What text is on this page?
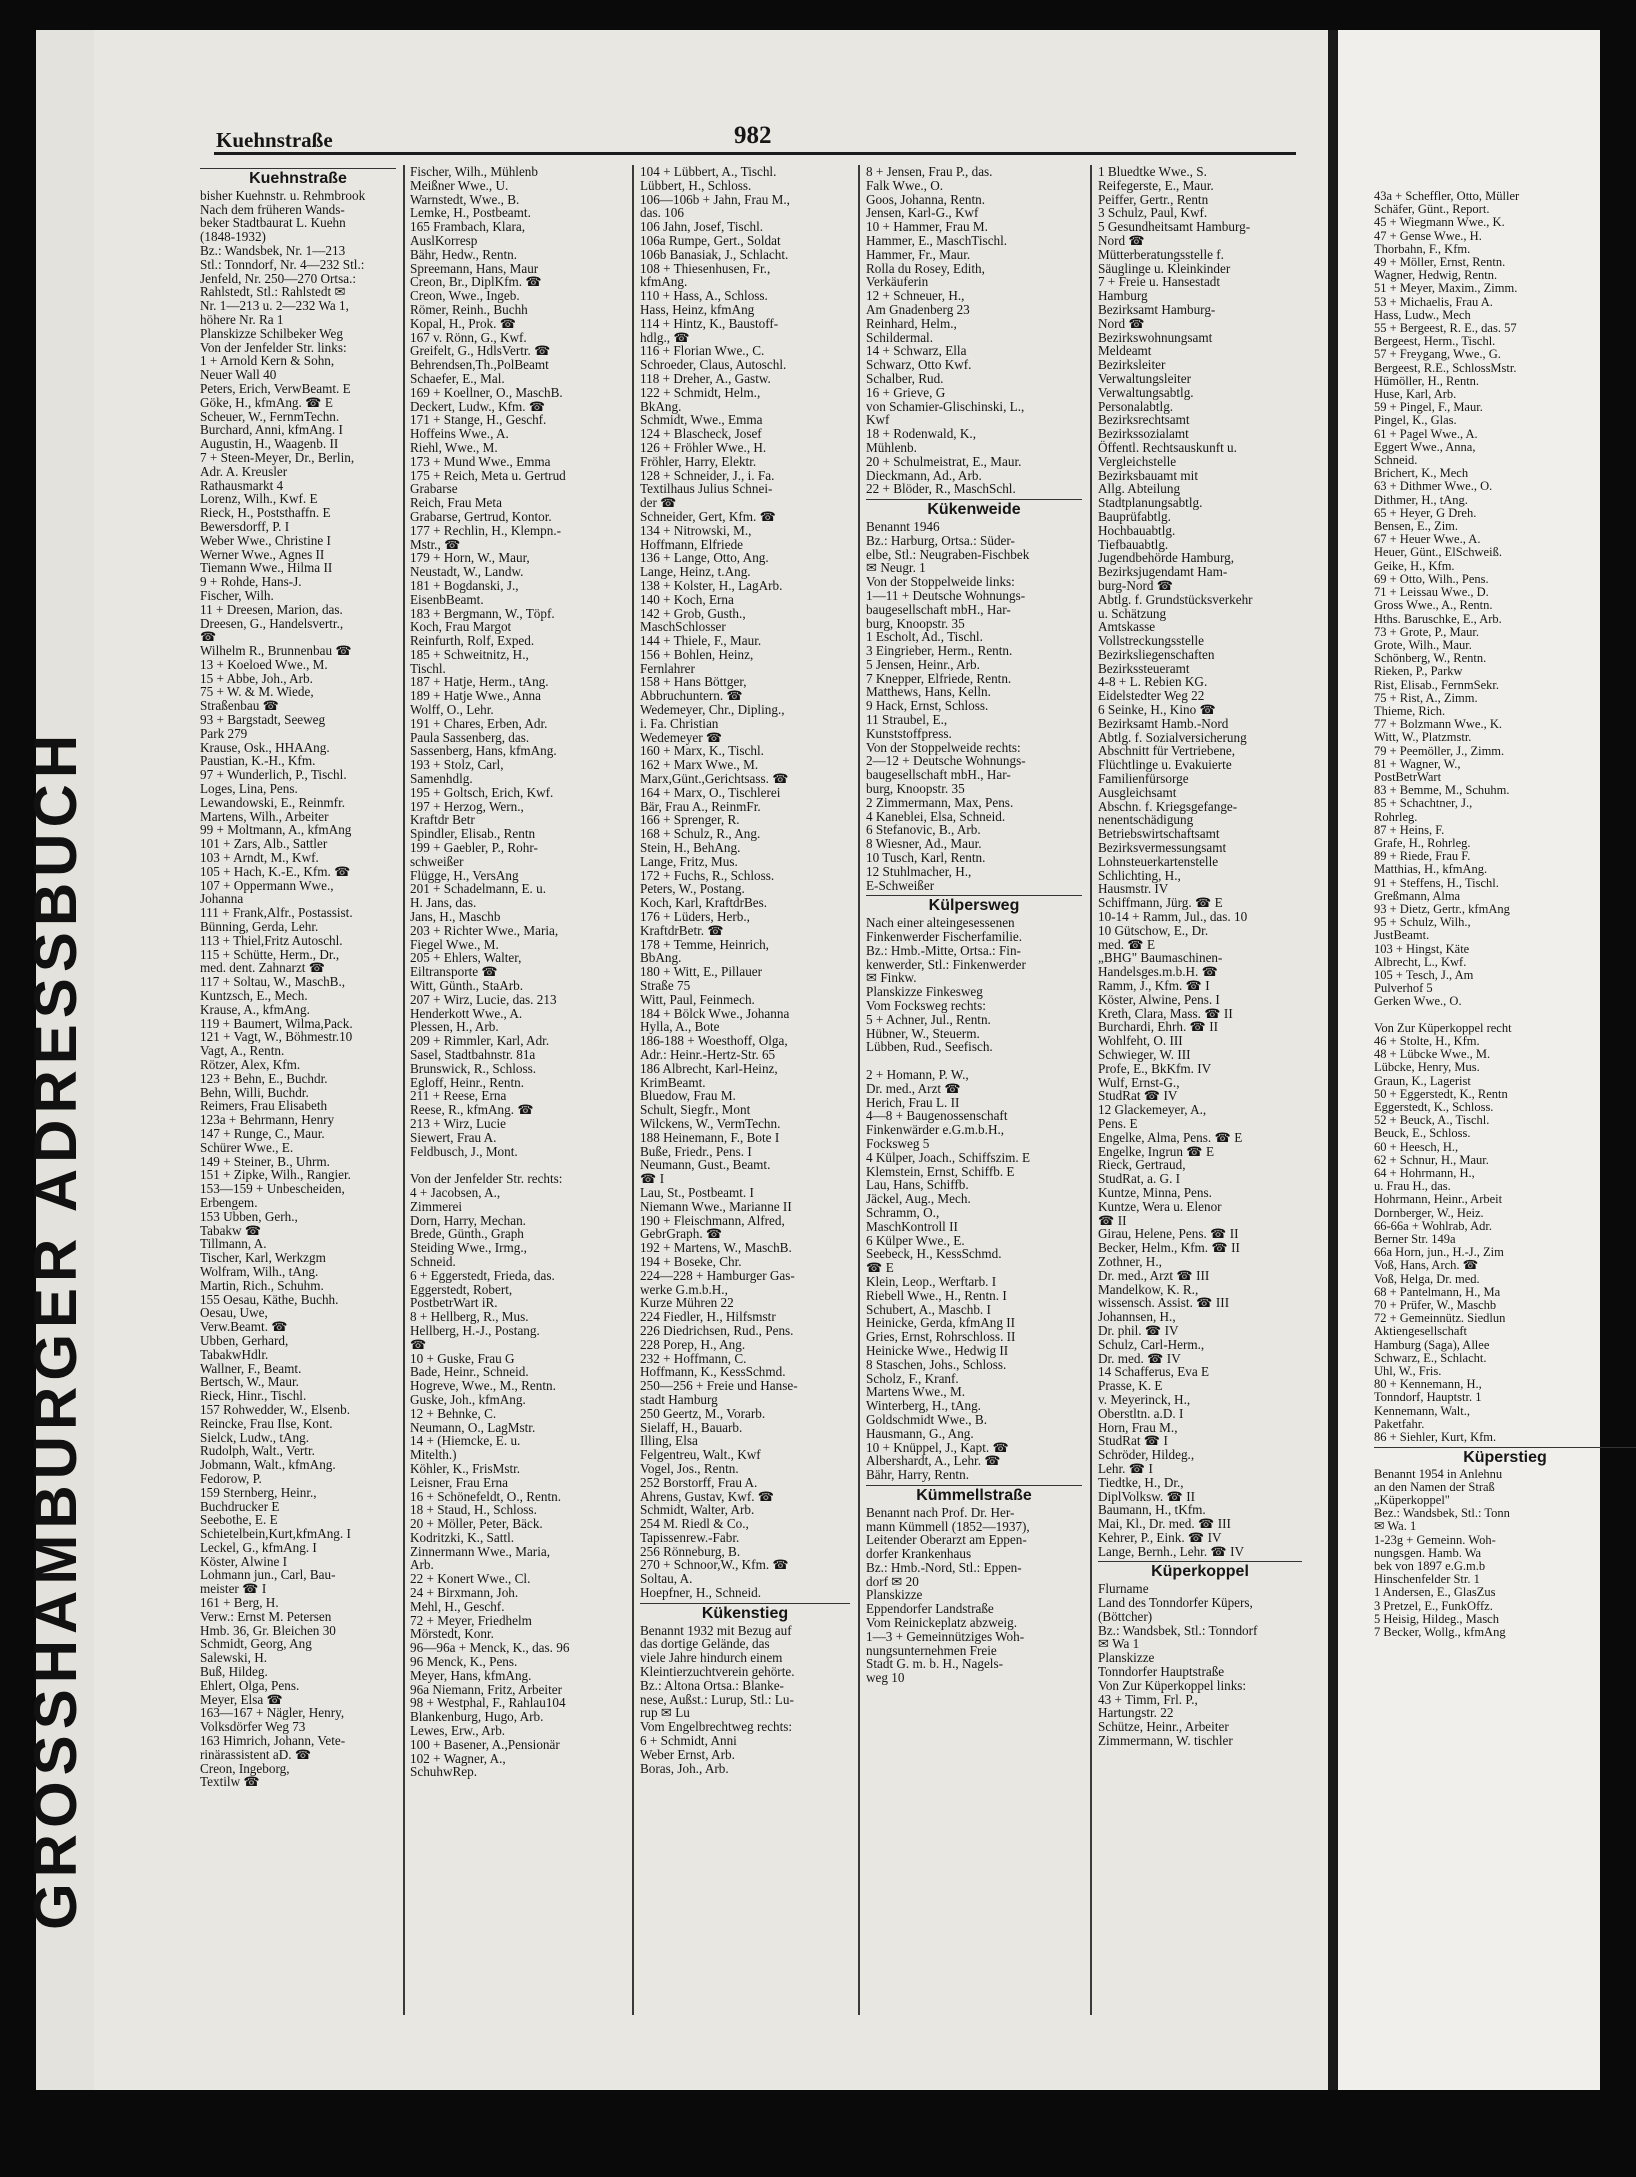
GROSSHAMBURGER ADRESSBUCH
43a + Scheffler, Otto, Müller
Schäfer, Günt., Report.
45 + Wiegmann Wwe., K.
47 + Gense Wwe., H.
Thorbahn, F., Kfm.
49 + Möller, Ernst, Rentn.
Wagner, Hedwig, Rentn.
51 + Meyer, Maxim., Zimm.
53 + Michaelis, Frau A.
Hass, Ludw., Mech
55 + Bergeest, R. E., das. 57
Bergeest, Herm., Tischl.
57 + Freygang, Wwe., G.
Bergeest, R.E., SchlossMstr.
Hümöller, H., Rentn.
Huse, Karl, Arb.
59 + Pingel, F., Maur.
Pingel, K., Glas.
61 + Pagel Wwe., A.
Eggert Wwe., Anna,
Schneid.
Brichert, K., Mech
63 + Dithmer Wwe., O.
Dithmer, H., tAng.
65 + Heyer, G Dreh.
Bensen, E., Zim.
67 + Heuer Wwe., A.
Heuer, Günt., ElSchweiß.
Geike, H., Kfm.
69 + Otto, Wilh., Pens.
71 + Leissau Wwe., D.
Gross Wwe., A., Rentn.
Hths. Baruschke, E., Arb.
73 + Grote, P., Maur.
Grote, Wilh., Maur.
Schönberg, W., Rentn.
Rieken, P., Parkw
Rist, Elisab., FernmSekr.
75 + Rist, A., Zimm.
Thieme, Rich.
77 + Bolzmann Wwe., K.
Witt, W., Platzmstr.
79 + Peemöller, J., Zimm.
81 + Wagner, W.,
PostBetrWart
83 + Bemme, M., Schuhm.
85 + Schachtner, J.,
Rohrleg.
87 + Heins, F.
Grafe, H., Rohrleg.
89 + Riede, Frau F.
Matthias, H., kfmAng.
91 + Steffens, H., Tischl.
Greßmann, Alma
93 + Dietz, Gertr., kfmAng
95 + Schulz, Wilh.,
JustBeamt.
103 + Hingst, Käte
Albrecht, L., Kwf.
105 + Tesch, J., Am
Pulverhof 5
Gerken Wwe., O.

Von Zur Küperkoppel recht
46 + Stolte, H., Kfm.
48 + Lübcke Wwe., M.
Lübcke, Henry, Mus.
Graun, K., Lagerist
50 + Eggerstedt, K., Rentn
Eggerstedt, K., Schloss.
52 + Beuck, A., Tischl.
Beuck, E., Schloss.
60 + Heesch, H.,
62 + Schnur, H., Maur.
64 + Hohrmann, H.,
u. Frau H., das.
Hohrmann, Heinr., Arbeit
Dornberger, W., Heiz.
66-66a + Wohlrab, Adr.
Berner Str. 149a
66a Horn, jun., H.-J., Zim
Voß, Hans, Arch. ☎
Voß, Helga, Dr. med.
68 + Pantelmann, H., Ma
70 + Prüfer, W., Maschb
72 + Gemeinnütz. Siedlun
Aktiengesellschaft
Hamburg (Saga), Allee
Schwarz, E., Schlacht.
Uhl, W., Fris.
80 + Kennemann, H.,
Tonndorf, Hauptstr. 1
Kennemann, Walt.,
Paketfahr.
86 + Siehler, Kurt, Kfm.
Küperstieg
Benannt 1954 in Anlehnu
an den Namen der Straß
„Küperkoppel"
Bez.: Wandsbek, Stl.: Tonn
✉ Wa. 1
1-23g + Gemeinn. Woh-
nungsgen. Hamb. Wa
bek von 1897 e.G.m.b
Hinschenfelder Str. 1
1 Andersen, E., GlasZus
3 Pretzel, E., FunkOffz.
5 Heisig, Hildeg., Masch
7 Becker, Wollg., kfmAng
Kuehnstraße	982
Kuehnstraße
bisher Kuehnstr. u. Rehmbrook
Nach dem früheren Wands-
beker Stadtbaurat L. Kuehn
(1848-1932)
Bz.: Wandsbek, Nr. 1—213
Stl.: Tonndorf, Nr. 4—232 Stl.:
Jenfeld, Nr. 250—270 Ortsa.:
Rahlstedt, Stl.: Rahlstedt ✉
Nr. 1—213 u. 2—232 Wa 1,
höhere Nr. Ra 1
Planskizze Schilbeker Weg
Von der Jenfelder Str. links:
1 + Arnold Kern & Sohn,
Neuer Wall 40
Peters, Erich, VerwBeamt. E
Göke, H., kfmAng. ☎ E
Scheuer, W., FernmTechn.
Burchard, Anni, kfmAng. I
Augustin, H., Waagenb. II
7 + Steen-Meyer, Dr., Berlin,
Adr. A. Kreusler
Rathausmarkt 4
Lorenz, Wilh., Kwf. E
Rieck, H., Poststhaffn. E
Bewersdorff, P. I
Weber Wwe., Christine I
Werner Wwe., Agnes II
Tiemann Wwe., Hilma II
9 + Rohde, Hans-J.
Fischer, Wilh.
11 + Dreesen, Marion, das.
Dreesen, G., Handelsvertr.,
☎
Wilhelm R., Brunnenbau ☎
13 + Koeloed Wwe., M.
15 + Abbe, Joh., Arb.
75 + W. & M. Wiede,
Straßenbau ☎
93 + Bargstadt, Seeweg
Park 279
Krause, Osk., HHAAng.
Paustian, K.-H., Kfm.
97 + Wunderlich, P., Tischl.
Loges, Lina, Pens.
Lewandowski, E., Reinmfr.
Martens, Wilh., Arbeiter
99 + Moltmann, A., kfmAng
101 + Zars, Alb., Sattler
103 + Arndt, M., Kwf.
105 + Hach, K.-E., Kfm. ☎
107 + Oppermann Wwe.,
Johanna
111 + Frank,Alfr., Postassist.
Bünning, Gerda, Lehr.
113 + Thiel,Fritz Autoschl.
115 + Schütte, Herm., Dr.,
med. dent. Zahnarzt ☎
117 + Soltau, W., MaschB.,
Kuntzsch, E., Mech.
Krause, A., kfmAng.
119 + Baumert, Wilma,Pack.
121 + Vagt, W., Böhmestr.10
Vagt, A., Rentn.
Rötzer, Alex, Kfm.
123 + Behn, E., Buchdr.
Behn, Willi, Buchdr.
Reimers, Frau Elisabeth
123a + Behrmann, Henry
147 + Runge, C., Maur.
Schürer Wwe., E.
149 + Steiner, B., Uhrm.
151 + Zipke, Wilh., Rangier.
153—159 + Unbescheiden,
Erbengem.
153 Ubben, Gerh.,
Tabakw ☎
Tillmann, A.
Tischer, Karl, Werkzgm
Wolfram, Wilh., tAng.
Martin, Rich., Schuhm.
155 Oesau, Käthe, Buchh.
Oesau, Uwe,
Verw.Beamt. ☎
Ubben, Gerhard,
TabakwHdlr.
Wallner, F., Beamt.
Bertsch, W., Maur.
Rieck, Hinr., Tischl.
157 Rohwedder, W., Elsenb.
Reincke, Frau Ilse, Kont.
Sielck, Ludw., tAng.
Rudolph, Walt., Vertr.
Jobmann, Walt., kfmAng.
Fedorow, P.
159 Sternberg, Heinr.,
Buchdrucker E
Seebothe, E. E
Schietelbein,Kurt,kfmAng. I
Leckel, G., kfmAng. I
Köster, Alwine I
Lohmann jun., Carl, Bau-
meister ☎ I
161 + Berg, H.
Verw.: Ernst M. Petersen
Hmb. 36, Gr. Bleichen 30
Schmidt, Georg, Ang
Salewski, H.
Buß, Hildeg.
Ehlert, Olga, Pens.
Meyer, Elsa ☎
163—167 + Nägler, Henry,
Volksdörfer Weg 73
163 Himrich, Johann, Vete-
rinärassistent aD. ☎
Creon, Ingeborg,
Textilw ☎
Fischer, Wilh., Mühlenb
Meißner Wwe., U.
Warnstedt, Wwe., B.
Lemke, H., Postbeamt.
165 Frambach, Klara,
AuslKorresp
Bähr, Hedw., Rentn.
Spreemann, Hans, Maur
Creon, Br., DiplKfm. ☎
Creon, Wwe., Ingeb.
Römer, Reinh., Buchh
Kopal, H., Prok. ☎
167 v. Rönn, G., Kwf.
Greifelt, G., HdlsVertr. ☎
Behrendsen,Th.,PolBeamt
Schaefer, E., Mal.
169 + Koellner, O., MaschB.
Deckert, Ludw., Kfm. ☎
171 + Stange, H., Geschf.
Hoffeins Wwe., A.
Riehl, Wwe., M.
173 + Mund Wwe., Emma
175 + Reich, Meta u. Gertrud
Grabarse
Reich, Frau Meta
Grabarse, Gertrud, Kontor.
177 + Rechlin, H., Klempn.-
Mstr., ☎
179 + Horn, W., Maur,
Neustadt, W., Landw.
181 + Bogdanski, J.,
EisenbBeamt.
183 + Bergmann, W., Töpf.
Koch, Frau Margot
Reinfurth, Rolf, Exped.
185 + Schweitnitz, H.,
Tischl.
187 + Hatje, Herm., tAng.
189 + Hatje Wwe., Anna
Wolff, O., Lehr.
191 + Chares, Erben, Adr.
Paula Sassenberg, das.
Sassenberg, Hans, kfmAng.
193 + Stolz, Carl,
Samenhdlg.
195 + Goltsch, Erich, Kwf.
197 + Herzog, Wern.,
Kraftdr Betr
Spindler, Elisab., Rentn
199 + Gaebler, P., Rohr-
schweißer
Flügge, H., VersAng
201 + Schadelmann, E. u.
H. Jans, das.
Jans, H., Maschb
203 + Richter Wwe., Maria,
Fiegel Wwe., M.
205 + Ehlers, Walter,
Eiltransporte ☎
Witt, Günth., StaArb.
207 + Wirz, Lucie, das. 213
Henderkott Wwe., A.
Plessen, H., Arb.
209 + Rimmler, Karl, Adr.
Sasel, Stadtbahnstr. 81a
Brunswick, R., Schloss.
Egloff, Heinr., Rentn.
211 + Reese, Erna
Reese, R., kfmAng. ☎
213 + Wirz, Lucie
Siewert, Frau A.
Feldbusch, J., Mont.

Von der Jenfelder Str. rechts:
4 + Jacobsen, A.,
Zimmerei
Dorn, Harry, Mechan.
Brede, Günth., Graph
Steiding Wwe., Irmg.,
Schneid.
6 + Eggerstedt, Frieda, das.
Eggerstedt, Robert,
PostbetrWart iR.
8 + Hellberg, R., Mus.
Hellberg, H.-J., Postang.
☎
10 + Guske, Frau G
Bade, Heinr., Schneid.
Hogreve, Wwe., M., Rentn.
Guske, Joh., kfmAng.
12 + Behnke, C.
Neumann, O., LagMstr.
14 + (Hiemcke, E. u.
Mitelth.)
Köhler, K., FrisMstr.
Leisner, Frau Erna
16 + Schönefeldt, O., Rentn.
18 + Staud, H., Schloss.
20 + Möller, Peter, Bäck.
Kodritzki, K., Sattl.
Zinnermann Wwe., Maria,
Arb.
22 + Konert Wwe., Cl.
24 + Birxmann, Joh.
Mehl, H., Geschf.
72 + Meyer, Friedhelm
Mörstedt, Konr.
96—96a + Menck, K., das. 96
96 Menck, K., Pens.
Meyer, Hans, kfmAng.
96a Niemann, Fritz, Arbeiter
98 + Westphal, F., Rahlau104
Blankenburg, Hugo, Arb.
Lewes, Erw., Arb.
100 + Basener, A.,Pensionär
102 + Wagner, A.,
SchuhwRep.
104 + Lübbert, A., Tischl.
Lübbert, H., Schloss.
106—106b + Jahn, Frau M.,
das. 106
106 Jahn, Josef, Tischl.
106a Rumpe, Gert., Soldat
106b Banasiak, J., Schlacht.
108 + Thiesenhusen, Fr.,
kfmAng.
110 + Hass, A., Schloss.
Hass, Heinz, kfmAng
114 + Hintz, K., Baustoff-
hdlg., ☎
116 + Florian Wwe., C.
Schroeder, Claus, Autoschl.
118 + Dreher, A., Gastw.
122 + Schmidt, Helm.,
BkAng.
Schmidt, Wwe., Emma
124 + Blascheck, Josef
126 + Fröhler Wwe., H.
Fröhler, Harry, Elektr.
128 + Schneider, J., i. Fa.
Textilhaus Julius Schnei-
der ☎
Schneider, Gert, Kfm. ☎
134 + Nitrowski, M.,
Hoffmann, Elfriede
136 + Lange, Otto, Ang.
Lange, Heinz, t.Ang.
138 + Kolster, H., LagArb.
140 + Koch, Erna
142 + Grob, Gusth.,
MaschSchlosser
144 + Thiele, F., Maur.
156 + Bohlen, Heinz,
Fernlahrer
158 + Hans Böttger,
Abbruchuntern. ☎
Wedemeyer, Chr., Dipling.,
i. Fa. Christian
Wedemeyer ☎
160 + Marx, K., Tischl.
162 + Marx Wwe., M.
Marx,Günt.,Gerichtsass. ☎
164 + Marx, O., Tischlerei
Bär, Frau A., ReinmFr.
166 + Sprenger, R.
168 + Schulz, R., Ang.
Stein, H., BehAng.
Lange, Fritz, Mus.
172 + Fuchs, R., Schloss.
Peters, W., Postang.
Koch, Karl, KraftdrBes.
176 + Lüders, Herb.,
KraftdrBetr. ☎
178 + Temme, Heinrich,
BbAng.
180 + Witt, E., Pillauer
Straße 75
Witt, Paul, Feinmech.
184 + Bölck Wwe., Johanna
Hylla, A., Bote
186-188 + Woesthoff, Olga,
Adr.: Heinr.-Hertz-Str. 65
186 Albrecht, Karl-Heinz,
KrimBeamt.
Bluedow, Frau M.
Schult, Siegfr., Mont
Wilckens, W., VermTechn.
188 Heinemann, F., Bote I
Buße, Friedr., Pens. I
Neumann, Gust., Beamt.
☎ I
Lau, St., Postbeamt. I
Niemann Wwe., Marianne II
190 + Fleischmann, Alfred,
GebrGraph. ☎
192 + Martens, W., MaschB.
194 + Boseke, Chr.
224—228 + Hamburger Gas-
werke G.m.b.H.,
Kurze Mühren 22
224 Fiedler, H., Hilfsmstr
226 Diedrichsen, Rud., Pens.
228 Porep, H., Ang.
232 + Hoffmann, C.
Hoffmann, K., KessSchmd.
250—256 + Freie und Hanse-
stadt Hamburg
250 Geertz, M., Vorarb.
Sielaff, H., Bauarb.
Illing, Elsa
Felgentreu, Walt., Kwf
Vogel, Jos., Rentn.
252 Borstorff, Frau A.
Ahrens, Gustav, Kwf. ☎
Schmidt, Walter, Arb.
254 M. Riedl & Co.,
Tapissenrew.-Fabr.
256 Rönneburg, B.
270 + Schnoor,W., Kfm. ☎
Soltau, A.
Hoepfner, H., Schneid.
Kükenstieg
Benannt 1932 mit Bezug auf
das dortige Gelände, das
viele Jahre hindurch einem
Kleintierzuchtverein gehörte.
Bz.: Altona Ortsa.: Blanke-
nese, Außst.: Lurup, Stl.: Lu-
rup ✉ Lu
Vom Engelbrechtweg rechts:
6 + Schmidt, Anni
Weber Ernst, Arb.
Boras, Joh., Arb.
8 + Jensen, Frau P., das.
Falk Wwe., O.
Goos, Johanna, Rentn.
Jensen, Karl-G., Kwf
10 + Hammer, Frau M.
Hammer, E., MaschTischl.
Hammer, Fr., Maur.
Rolla du Rosey, Edith,
Verkäuferin
12 + Schneuer, H.,
Am Gnadenberg 23
Reinhard, Helm.,
Schildermal.
14 + Schwarz, Ella
Schwarz, Otto Kwf.
Schalber, Rud.
16 + Grieve, G
von Schamier-Glischinski, L.,
Kwf
18 + Rodenwald, K.,
Mühlenb.
20 + Schulmeistrat, E., Maur.
Dieckmann, Ad., Arb.
22 + Blöder, R., MaschSchl.
Kükenweide
Benannt 1946
Bz.: Harburg, Ortsa.: Süder-
elbe, Stl.: Neugraben-Fischbek
✉ Neugr. 1
Von der Stoppelweide links:
1—11 + Deutsche Wohnungs-
baugesellschaft mbH., Har-
burg, Knoopstr. 35
1 Escholt, Ad., Tischl.
3 Eingrieber, Herm., Rentn.
5 Jensen, Heinr., Arb.
7 Knepper, Elfriede, Rentn.
Matthews, Hans, Kelln.
9 Hack, Ernst, Schloss.
11 Straubel, E.,
Kunststoffpress.
Von der Stoppelweide rechts:
2—12 + Deutsche Wohnungs-
baugesellschaft mbH., Har-
burg, Knoopstr. 35
2 Zimmermann, Max, Pens.
4 Kaneblei, Elsa, Schneid.
6 Stefanovic, B., Arb.
8 Wiesner, Ad., Maur.
10 Tusch, Karl, Rentn.
12 Stuhlmacher, H.,
E-Schweißer
Külpersweg
Nach einer alteingesessenen
Finkenwerder Fischerfamilie.
Bz.: Hmb.-Mitte, Ortsa.: Fin-
kenwerder, Stl.: Finkenwerder
✉ Finkw.
Planskizze Finkesweg
Vom Focksweg rechts:
5 + Achner, Jul., Rentn.
Hübner, W., Steuerm.
Lübben, Rud., Seefisch.

2 + Homann, P. W.,
Dr. med., Arzt ☎
Herich, Frau L. II
4—8 + Baugenossenschaft
Finkenwärder e.G.m.b.H.,
Focksweg 5
4 Külper, Joach., Schiffszim. E
Klemstein, Ernst, Schiffb. E
Lau, Hans, Schiffb.
Jäckel, Aug., Mech.
Schramm, O.,
MaschKontroll II
6 Külper Wwe., E.
Seebeck, H., KessSchmd.
☎ E
Klein, Leop., Werftarb. I
Riebell Wwe., H., Rentn. I
Schubert, A., Maschb. I
Heinicke, Gerda, kfmAng II
Gries, Ernst, Rohrschloss. II
Heinicke Wwe., Hedwig II
8 Staschen, Johs., Schloss.
Scholz, F., Kranf.
Martens Wwe., M.
Winterberg, H., tAng.
Goldschmidt Wwe., B.
Hausmann, G., Ang.
10 + Knüppel, J., Kapt. ☎
Albershardt, A., Lehr. ☎
Bähr, Harry, Rentn.
Kümmellstraße
Benannt nach Prof. Dr. Her-
mann Kümmell (1852—1937),
Leitender Oberarzt am Eppen-
dorfer Krankenhaus
Bz.: Hmb.-Nord, Stl.: Eppen-
dorf ✉ 20
Planskizze
Eppendorfer Landstraße
Vom Reinickeplatz abzweig.
1—3 + Gemeinnütziges Woh-
nungsunternehmen Freie
Stadt G. m. b. H., Nagels-
weg 10
1 Bluedtke Wwe., S.
Reifegerste, E., Maur.
Peiffer, Gertr., Rentn
3 Schulz, Paul, Kwf.
5 Gesundheitsamt Hamburg-
Nord ☎
Mütterberatungsstelle f.
Säuglinge u. Kleinkinder
7 + Freie u. Hansestadt
Hamburg
Bezirksamt Hamburg-
Nord ☎
Bezirkswohnungsamt
Meldeamt
Bezirksleiter
Verwaltungsleiter
Verwaltungsabtlg.
Personalabtlg.
Bezirksrechtsamt
Bezirkssozialamt
Öffentl. Rechtsauskunft u.
Vergleichstelle
Bezirksbauamt mit
Allg. Abteilung
Stadtplanungsabtlg.
Bauprüfabtlg.
Hochbauabtlg.
Tiefbauabtlg.
Jugendbehörde Hamburg,
Bezirksjugendamt Ham-
burg-Nord ☎
Abtlg. f. Grundstücksverkehr
u. Schätzung
Amtskasse
Vollstreckungsstelle
Bezirksliegenschaften
Bezirkssteueramt
4-8 + L. Rebien KG.
Eidelstedter Weg 22
6 Seinke, H., Kino ☎
Bezirksamt Hamb.-Nord
Abtlg. f. Sozialversicherung
Abschnitt für Vertriebene,
Flüchtlinge u. Evakuierte
Familienfürsorge
Ausgleichsamt
Abschn. f. Kriegsgefange-
nenentschädigung
Betriebswirtschaftsamt
Bezirksvermessungsamt
Lohnsteuerkartenstelle
Schlichting, H.,
Hausmstr. IV
Schiffmann, Jürg. ☎ E
10-14 + Ramm, Jul., das. 10
10 Gütschow, E., Dr.
med. ☎ E
„BHG" Baumaschinen-
Handelsges.m.b.H. ☎
Ramm, J., Kfm. ☎ I
Köster, Alwine, Pens. I
Kreth, Clara, Mass. ☎ II
Burchardi, Ehrh. ☎ II
Wohlfeht, O. III
Schwieger, W. III
Profe, E., BkKfm. IV
Wulf, Ernst-G.,
StudRat ☎ IV
12 Glackemeyer, A.,
Pens. E
Engelke, Alma, Pens. ☎ E
Engelke, Ingrun ☎ E
Rieck, Gertraud,
StudRat, a. G. I
Kuntze, Minna, Pens.
Kuntze, Wera u. Elenor
☎ II
Girau, Helene, Pens. ☎ II
Becker, Helm., Kfm. ☎ II
Zothner, H.,
Dr. med., Arzt ☎ III
Mandelkow, K. R.,
wissensch. Assist. ☎ III
Johannsen, H.,
Dr. phil. ☎ IV
Schulz, Carl-Herm.,
Dr. med. ☎ IV
14 Schafferus, Eva E
Prasse, K. E
v. Meyerinck, H.,
Oberstltn. a.D. I
Horn, Frau M.,
StudRat ☎ I
Schröder, Hildeg.,
Lehr. ☎ I
Tiedtke, H., Dr.,
DiplVolksw. ☎ II
Baumann, H., tKfm.
Mai, Kl., Dr. med. ☎ III
Kehrer, P., Eink. ☎ IV
Lange, Bernh., Lehr. ☎ IV
Küperkoppel
Flurname
Land des Tonndorfer Küpers,
(Böttcher)
Bz.: Wandsbek, Stl.: Tonndorf
✉ Wa 1
Planskizze
Tonndorfer Hauptstraße
Von Zur Küperkoppel links:
43 + Timm, Frl. P.,
Hartungstr. 22
Schütze, Heinr., Arbeiter
Zimmermann, W. tischler
